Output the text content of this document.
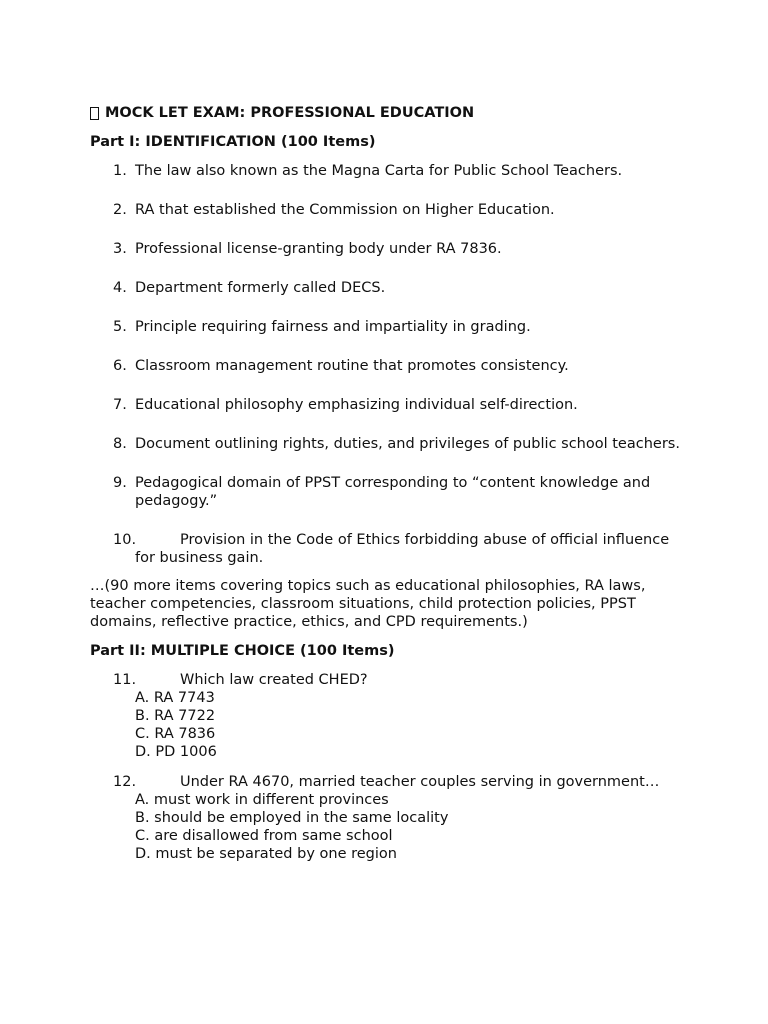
MOCK LET EXAM: PROFESSIONAL EDUCATION
Part I: IDENTIFICATION (100 Items)
1. The law also known as the Magna Carta for Public School Teachers.
2. RA that established the Commission on Higher Education.
3. Professional license-granting body under RA 7836.
4. Department formerly called DECS.
5. Principle requiring fairness and impartiality in grading.
6. Classroom management routine that promotes consistency.
7. Educational philosophy emphasizing individual self-direction.
8. Document outlining rights, duties, and privileges of public school teachers.
9. Pedagogical domain of PPST corresponding to “content knowledge and pedagogy.”
10.	Provision in the Code of Ethics forbidding abuse of official influence for business gain.
…(90 more items covering topics such as educational philosophies, RA laws, teacher competencies, classroom situations, child protection policies, PPST domains, reflective practice, ethics, and CPD requirements.)
Part II: MULTIPLE CHOICE (100 Items)
11.	Which law created CHED?
A. RA 7743
B. RA 7722
C. RA 7836
D. PD 1006
12.	Under RA 4670, married teacher couples serving in government…
A. must work in different provinces
B. should be employed in the same locality
C. are disallowed from same school
D. must be separated by one region
